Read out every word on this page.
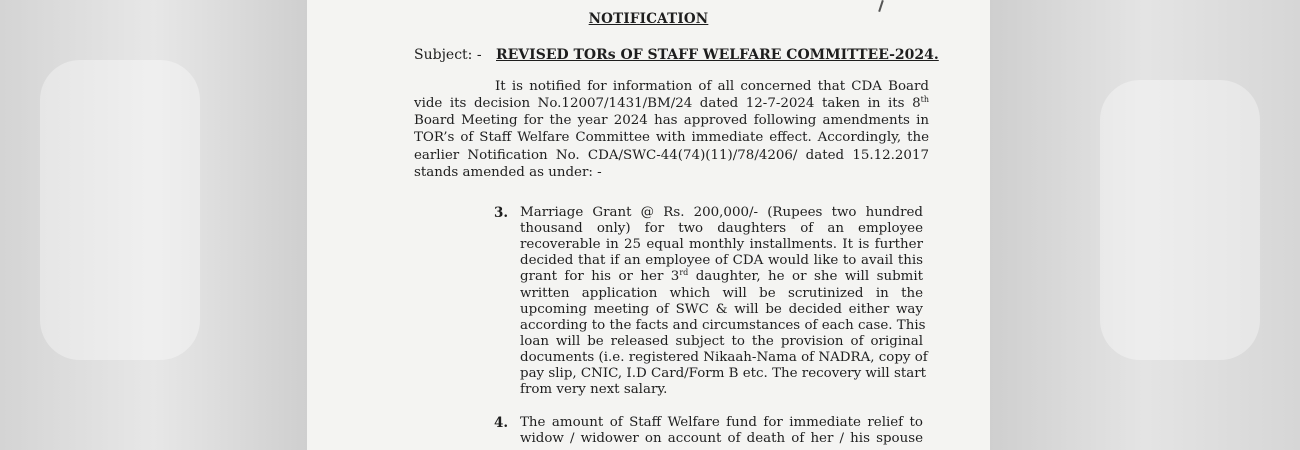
NOTIFICATION
Subject: - REVISED TORs OF STAFF WELFARE COMMITTEE-2024.
It is notified for information of all concerned that CDA Board
vide its decision No.12007/1431/BM/24 dated 12-7-2024 taken in its 8th
Board Meeting for the year 2024 has approved following amendments in
TOR’s of Staff Welfare Committee with immediate effect. Accordingly, the
earlier Notification No. CDA/SWC-44(74)(11)/78/4206/ dated 15.12.2017
stands amended as under: -
3. Marriage Grant @ Rs. 200,000/- (Rupees two hundred
thousand only) for two daughters of an employee
recoverable in 25 equal monthly installments. It is further
decided that if an employee of CDA would like to avail this
grant for his or her 3rd daughter, he or she will submit
written application which will be scrutinized in the
upcoming meeting of SWC & will be decided either way
according to the facts and circumstances of each case. This
loan will be released subject to the provision of original
documents (i.e. registered Nikaah-Nama of NADRA, copy of
pay slip, CNIC, I.D Card/Form B etc. The recovery will start
from very next salary.
4. The amount of Staff Welfare fund for immediate relief to
widow / widower on account of death of her / his spouse
